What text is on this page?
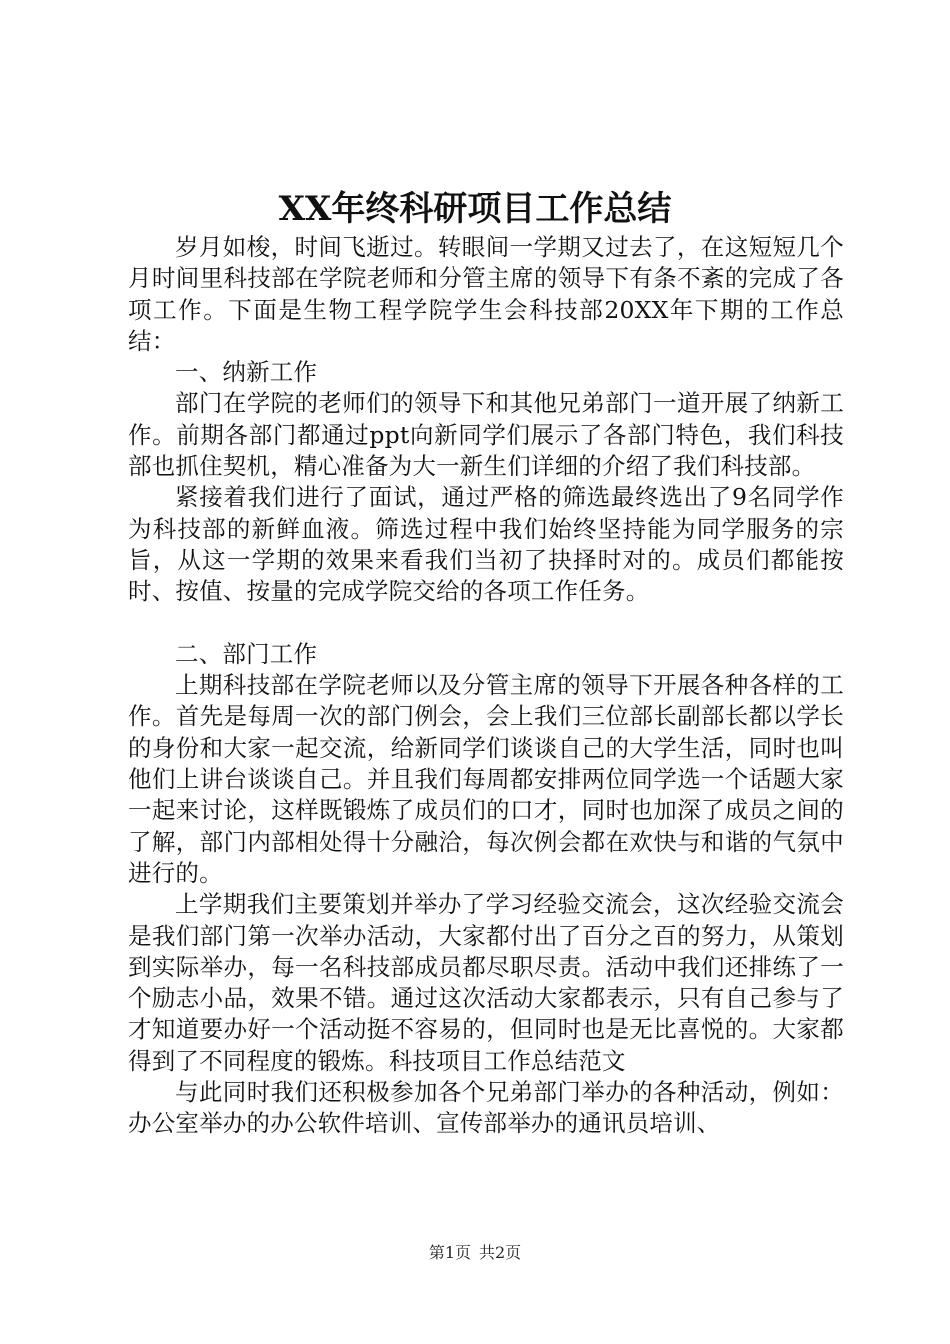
XX年终科研项目工作总结

岁月如梭，时间飞逝过。转眼间一学期又过去了，在这短短几个月时间里科技部在学院老师和分管主席的领导下有条不紊的完成了各项工作。下面是生物工程学院学生会科技部20XX年下期的工作总结：

一、纳新工作

部门在学院的老师们的领导下和其他兄弟部门一道开展了纳新工作。前期各部门都通过ppt向新同学们展示了各部门特色，我们科技部也抓住契机，精心准备为大一新生们详细的介绍了我们科技部。

紧接着我们进行了面试，通过严格的筛选最终选出了9名同学作为科技部的新鲜血液。筛选过程中我们始终坚持能为同学服务的宗旨，从这一学期的效果来看我们当初了抉择时对的。成员们都能按时、按值、按量的完成学院交给的各项工作任务。

二、部门工作

上期科技部在学院老师以及分管主席的领导下开展各种各样的工作。首先是每周一次的部门例会，会上我们三位部长副部长都以学长的身份和大家一起交流，给新同学们谈谈自己的大学生活，同时也叫他们上讲台谈谈自己。并且我们每周都安排两位同学选一个话题大家一起来讨论，这样既锻炼了成员们的口才，同时也加深了成员之间的了解，部门内部相处得十分融洽，每次例会都在欢快与和谐的气氛中进行的。

上学期我们主要策划并举办了学习经验交流会，这次经验交流会是我们部门第一次举办活动，大家都付出了百分之百的努力，从策划到实际举办，每一名科技部成员都尽职尽责。活动中我们还排练了一个励志小品，效果不错。通过这次活动大家都表示，只有自己参与了才知道要办好一个活动挺不容易的，但同时也是无比喜悦的。大家都得到了不同程度的锻炼。科技项目工作总结范文

与此同时我们还积极参加各个兄弟部门举办的各种活动，例如：办公室举办的办公软件培训、宣传部举办的通讯员培训、

第1页 共2页
